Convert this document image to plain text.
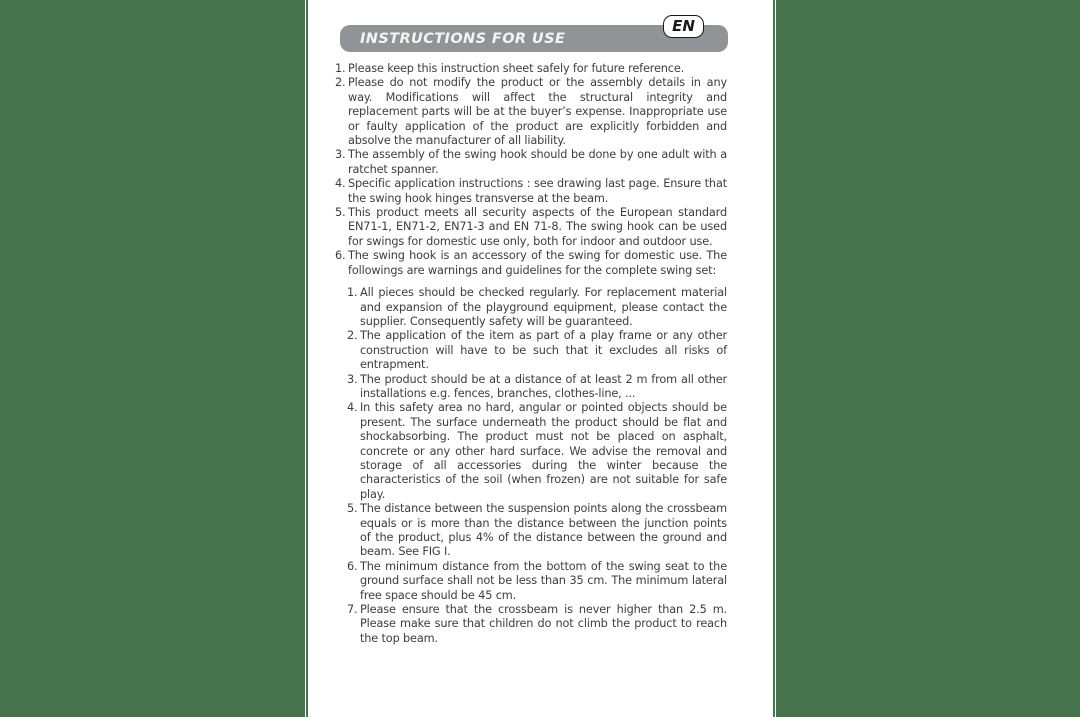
INSTRUCTIONS FOR USE
EN
1. Please keep this instruction sheet safely for future reference.
2. Please do not modify the product or the assembly details in any way. Modifications will affect the structural integrity and replacement parts will be at the buyer’s expense. Inappropriate use or faulty application of the product are explicitly forbidden and absolve the manufacturer of all liability.
3. The assembly of the swing hook should be done by one adult with a ratchet spanner.
4. Specific application instructions : see drawing last page. Ensure that the swing hook hinges transverse at the beam.
5. This product meets all security aspects of the European standard EN71-1, EN71-2, EN71-3 and EN 71-8. The swing hook can be used for swings for domestic use only, both for indoor and outdoor use.
6. The swing hook is an accessory of the swing for domestic use. The followings are warnings and guidelines for the complete swing set:
1. All pieces should be checked regularly. For replacement material and expansion of the playground equipment, please contact the supplier. Consequently safety will be guaranteed.
2. The application of the item as part of a play frame or any other construction will have to be such that it excludes all risks of entrapment.
3. The product should be at a distance of at least 2 m from all other installations e.g. fences, branches, clothes-line, ...
4. In this safety area no hard, angular or pointed objects should be present. The surface underneath the product should be flat and shockabsorbing. The product must not be placed on asphalt, concrete or any other hard surface. We advise the removal and storage of all accessories during the winter because the characteristics of the soil (when frozen) are not suitable for safe play.
5. The distance between the suspension points along the crossbeam equals or is more than the distance between the junction points of the product, plus 4% of the distance between the ground and beam. See FIG I.
6. The minimum distance from the bottom of the swing seat to the ground surface shall not be less than 35 cm. The minimum lateral free space should be 45 cm.
7. Please ensure that the crossbeam is never higher than 2.5 m. Please make sure that children do not climb the product to reach the top beam.
